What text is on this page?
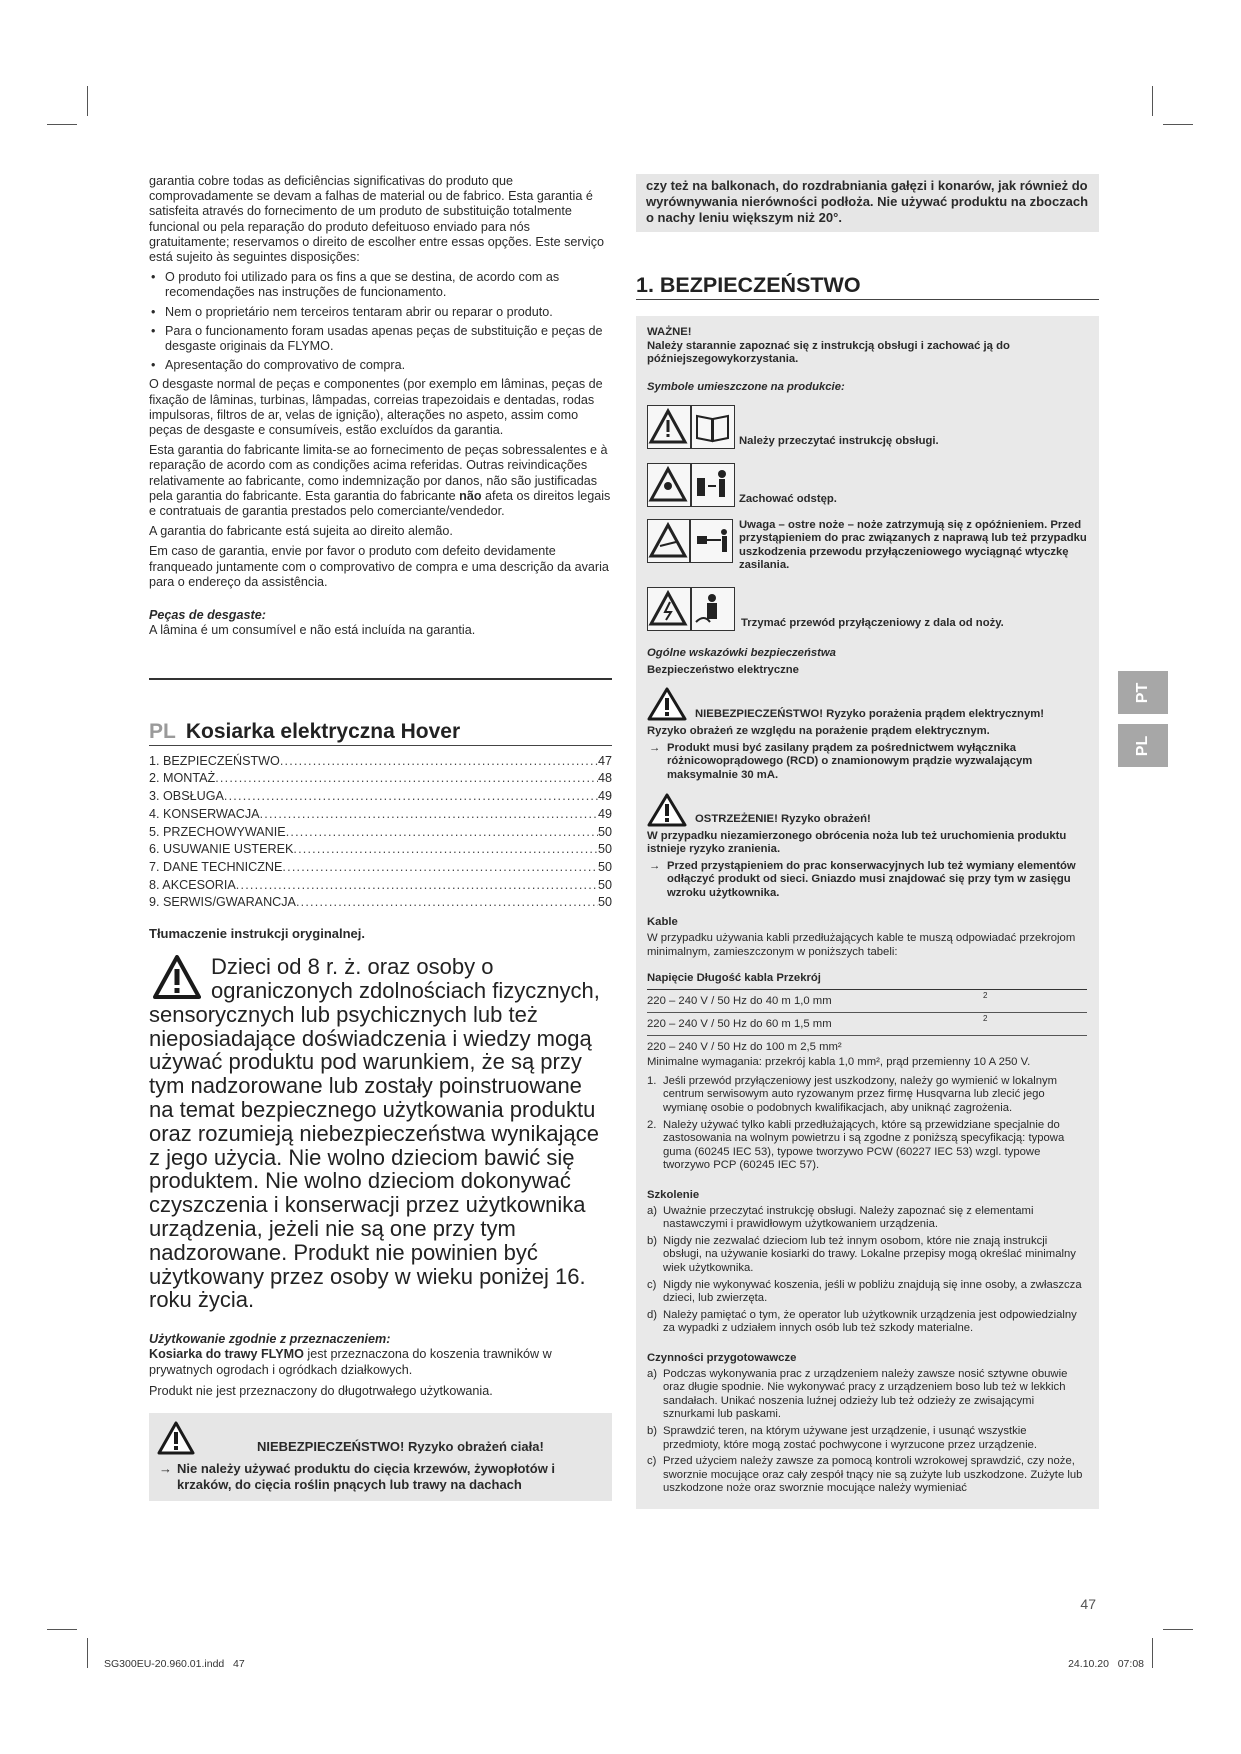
garantia cobre todas as deficiências significativas do produto que comprovadamente se devam a falhas de material ou de fabrico. Esta garantia é satisfeita através do fornecimento de um produto de substituição totalmente funcional ou pela reparação do produto defeituoso enviado para nós gratuitamente; reservamos o direito de escolher entre essas opções. Este serviço está sujeito às seguintes disposições:

• O produto foi utilizado para os fins a que se destina, de acordo com as recomendações nas instruções de funcionamento.
• Nem o proprietário nem terceiros tentaram abrir ou reparar o produto.
• Para o funcionamento foram usadas apenas peças de substituição e peças de desgaste originais da FLYMO.
• Apresentação do comprovativo de compra.

O desgaste normal de peças e componentes (por exemplo em lâminas, peças de fixação de lâminas, turbinas, lâmpadas, correias trapezoidais e dentadas, rodas impulsoras, filtros de ar, velas de ignição), alterações no aspeto, assim como peças de desgaste e consumíveis, estão excluídos da garantia.

Esta garantia do fabricante limita-se ao fornecimento de peças sobressalentes e à reparação de acordo com as condições acima referidas. Outras reivindicações relativamente ao fabricante, como indemnização por danos, não são justificadas pela garantia do fabricante. Esta garantia do fabricante não afeta os direitos legais e contratuais de garantia prestados pelo comerciante/vendedor.

A garantia do fabricante está sujeita ao direito alemão.

Em caso de garantia, envie por favor o produto com defeito devidamente franqueado juntamente com o comprovativo de compra e uma descrição da avaria para o endereço da assistência.

Peças de desgaste:

A lâmina é um consumível e não está incluída na garantia.

PL Kosiarka elektryczna Hover
1. BEZPIECZEŃSTWO .....	47
2. MONTAŻ .....	48
3. OBSŁUGA .....	49
4. KONSERWACJA .....	49
5. PRZECHOWYWANIE .....	50
6. USUWANIE USTEREK .....	50
7. DANE TECHNICZNE .....	50
8. AKCESORIA .....	50
9. SERWIS/GWARANCJA .....	50
Tłumaczenie instrukcji oryginalnej.
Dzieci od 8 r. ż. oraz osoby o ograniczonych zdolnościach fizycznych, sensorycznych lub psychicznych lub też nieposiadające doświadczenia i wiedzy mogą używać produktu pod warunkiem, że są przy tym nadzorowane lub zostały poinstruowane na temat bezpiecznego użytkowania produktu oraz rozumieją niebezpieczeństwa wynikające z jego użycia. Nie wolno dzieciom bawić się produktem. Nie wolno dzieciom dokonywać czyszczenia i konserwacji przez użytkownika urządzenia, jeżeli nie są one przy tym nadzorowane. Produkt nie powinien być użytkowany przez osoby w wieku poniżej 16. roku życia.
Użytkowanie zgodnie z przeznaczeniem:

Kosiarka do trawy FLYMO jest przeznaczona do koszenia trawników w prywatnych ogrodach i ogródkach działkowych.

Produkt nie jest przeznaczony do długotrwałego użytkowania.

NIEBEZPIECZEŃSTWO! Ryzyko obrażeń ciała!
→ Nie należy używać produktu do cięcia krzewów, żywopłotów i krzaków, do cięcia roślin pnących lub trawy na dachach
czy też na balkonach, do rozdrabniania gałęzi i konarów, jak również do wyrównywania nierówności podłoża. Nie używać produktu na zboczach o nachy leniu większym niż 20°.
1. BEZPIECZEŃSTWO
WAŻNE!
Należy starannie zapoznać się z instrukcją obsługi i zachować ją do późniejszegowykorzystania.
Symbole umieszczone na produkcie:
Należy przeczytać instrukcję obsługi.
Zachować odstęp.
Uwaga – ostre noże – noże zatrzymują się z opóźnieniem. Przed przystąpieniem do prac związanych z naprawą lub też przypadku uszkodzenia przewodu przyłączeniowego wyciągnąć wtyczkę zasilania.
Trzymać przewód przyłączeniowy z dala od noży.
Ogólne wskazówki bezpieczeństwa
Bezpieczeństwo elektryczne
NIEBEZPIECZEŃSTWO! Ryzyko porażenia prądem elektrycznym!
Ryzyko obrażeń ze względu na porażenie prądem elektrycznym.
→ Produkt musi być zasilany prądem za pośrednictwem wyłącznika różnicowoprądowego (RCD) o znamionowym prądzie wyzwalającym maksymalnie 30 mA.
OSTRZEŻENIE! Ryzyko obrażeń!
W przypadku niezamierzonego obrócenia noża lub też uruchomienia produktu istnieje ryzyko zranienia.
→ Przed przystąpieniem do prac konserwacyjnych lub też wymiany elementów odłączyć produkt od sieci. Gniazdo musi znajdować się przy tym w zasięgu wzroku użytkownika.
Kable
W przypadku używania kabli przedłużających kable te muszą odpowiadać przekrojom minimalnym, zamieszczonym w poniższych tabeli:
Napięcie Długość kabla Przekrój
220 – 240 V / 50 Hz do 40 m 1,0 mm	2
220 – 240 V / 50 Hz do 60 m 1,5 mm	2
220 – 240 V / 50 Hz do 100 m 2,5 mm²
Minimalne wymagania: przekrój kabla 1,0 mm², prąd przemienny 10 A 250 V.
1. Jeśli przewód przyłączeniowy jest uszkodzony, należy go wymienić w lokalnym centrum serwisowym auto ryzowanym przez firmę Husqvarna lub zlecić jego wymianę osobie o podobnych kwalifikacjach, aby uniknąć zagrożenia.
2. Należy używać tylko kabli przedłużających, które są przewidziane specjalnie do zastosowania na wolnym powietrzu i są zgodne z poniższą specyfikacją: typowa guma (60245 IEC 53), typowe tworzywo PCW (60227 IEC 53) wzgl. typowe tworzywo PCP (60245 IEC 57).
Szkolenie
a) Uważnie przeczytać instrukcję obsługi. Należy zapoznać się z elementami nastawczymi i prawidłowym użytkowaniem urządzenia.
b) Nigdy nie zezwalać dzieciom lub też innym osobom, które nie znają instrukcji obsługi, na używanie kosiarki do trawy. Lokalne przepisy mogą określać minimalny wiek użytkownika.
c) Nigdy nie wykonywać koszenia, jeśli w pobliżu znajdują się inne osoby, a zwłaszcza dzieci, lub zwierzęta.
d) Należy pamiętać o tym, że operator lub użytkownik urządzenia jest odpowiedzialny za wypadki z udziałem innych osób lub też szkody materialne.
Czynności przygotowawcze
a) Podczas wykonywania prac z urządzeniem należy zawsze nosić sztywne obuwie oraz długie spodnie. Nie wykonywać pracy z urządzeniem boso lub też w lekkich sandałach. Unikać noszenia luźnej odzieży lub też odzieży ze zwisającymi sznurkami lub paskami.
b) Sprawdzić teren, na którym używane jest urządzenie, i usunąć wszystkie przedmioty, które mogą zostać pochwycone i wyrzucone przez urządzenie.
c) Przed użyciem należy zawsze za pomocą kontroli wzrokowej sprawdzić, czy noże, sworznie mocujące oraz cały zespół tnący nie są zużyte lub uszkodzone. Zużyte lub uszkodzone noże oraz sworznie mocujące należy wymieniać
PT
PL
47
SG300EU-20.960.01.indd   47	24.10.20   07:08
